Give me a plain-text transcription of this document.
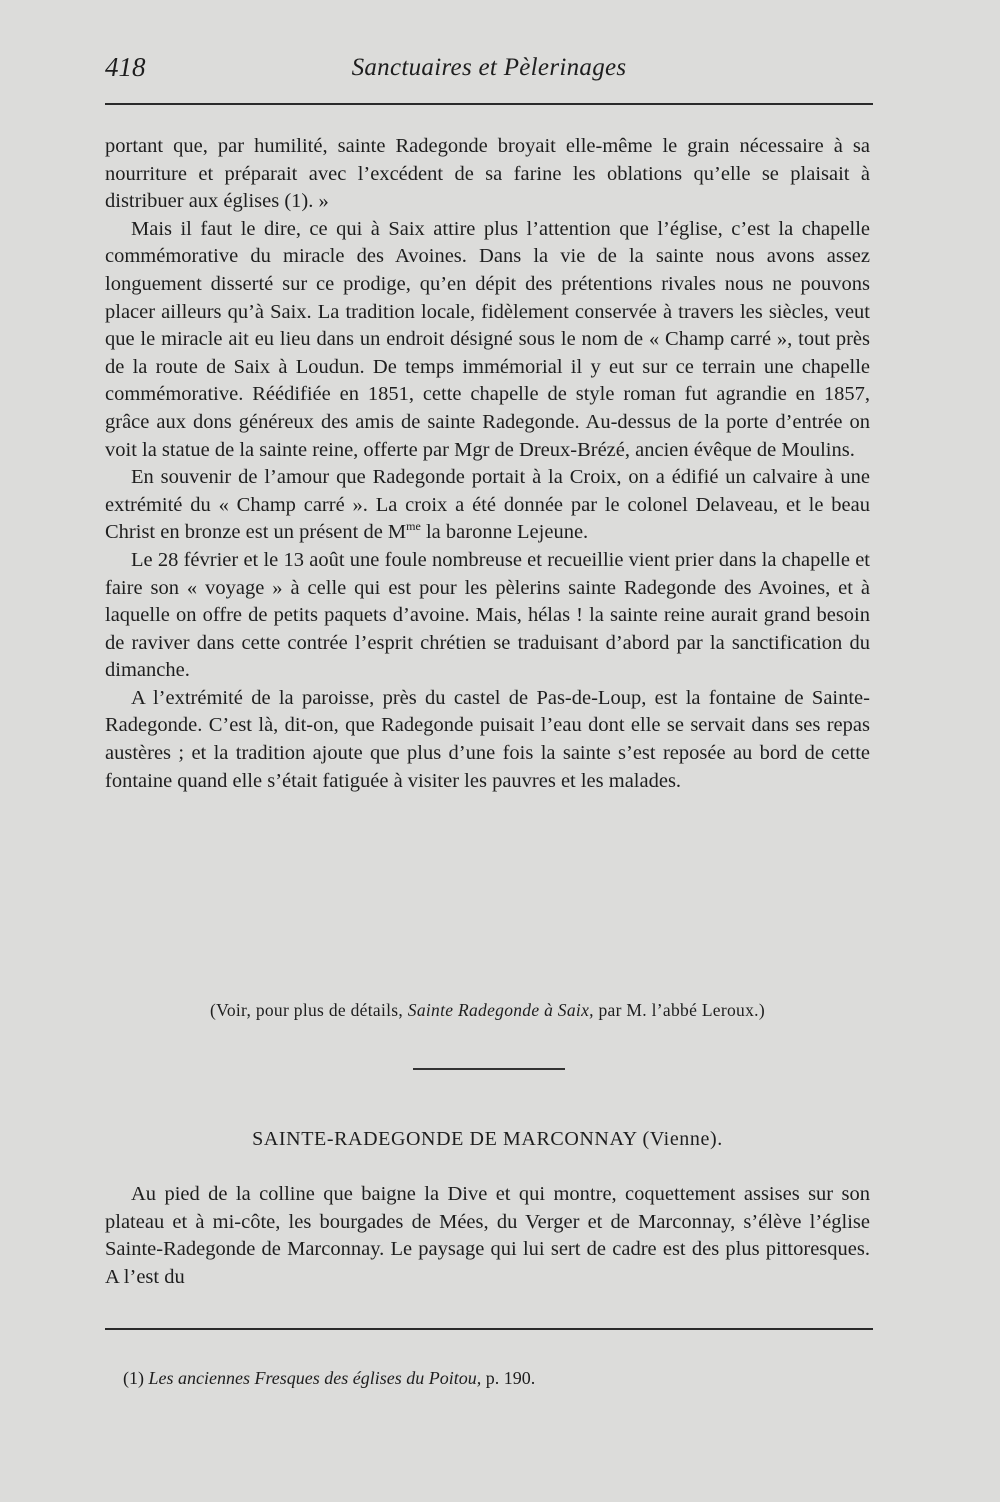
418	Sanctuaires et Pèlerinages

portant que, par humilité, sainte Radegonde broyait elle-même le grain nécessaire à sa nourriture et préparait avec l’excédent de sa farine les oblations qu’elle se plaisait à distribuer aux églises (1). »

Mais il faut le dire, ce qui à Saix attire plus l’attention que l’église, c’est la chapelle commémorative du miracle des Avoines. Dans la vie de la sainte nous avons assez longuement disserté sur ce prodige, qu’en dépit des prétentions rivales nous ne pouvons placer ailleurs qu’à Saix. La tradition locale, fidèlement conservée à travers les siècles, veut que le miracle ait eu lieu dans un endroit désigné sous le nom de « Champ carré », tout près de la route de Saix à Loudun. De temps immémorial il y eut sur ce terrain une chapelle commémorative. Réédifiée en 1851, cette chapelle de style roman fut agrandie en 1857, grâce aux dons généreux des amis de sainte Radegonde. Au-dessus de la porte d’entrée on voit la statue de la sainte reine, offerte par Mgr de Dreux-Brézé, ancien évêque de Moulins.

En souvenir de l’amour que Radegonde portait à la Croix, on a édifié un calvaire à une extrémité du « Champ carré ». La croix a été donnée par le colonel Delaveau, et le beau Christ en bronze est un présent de $M^{me}$ la baronne Lejeune.

Le 28 février et le 13 août une foule nombreuse et recueillie vient prier dans la chapelle et faire son « voyage » à celle qui est pour les pèlerins sainte Radegonde des Avoines, et à laquelle on offre de petits paquets d’avoine. Mais, hélas ! la sainte reine aurait grand besoin de raviver dans cette contrée l’esprit chrétien se traduisant d’abord par la sanctification du dimanche.

A l’extrémité de la paroisse, près du castel de Pas-de-Loup, est la fontaine de Sainte-Radegonde. C’est là, dit-on, que Radegonde puisait l’eau dont elle se servait dans ses repas austères ; et la tradition ajoute que plus d’une fois la sainte s’est reposée au bord de cette fontaine quand elle s’était fatiguée à visiter les pauvres et les malades.

(Voir, pour plus de détails, Sainte Radegonde à Saix, par M. l’abbé Leroux.)
SAINTE-RADEGONDE DE MARCONNAY (Vienne).

Au pied de la colline que baigne la Dive et qui montre, coquettement assises sur son plateau et à mi-côte, les bourgades de Mées, du Verger et de Marconnay, s’élève l’église Sainte-Radegonde de Marconnay. Le paysage qui lui sert de cadre est des plus pittoresques. A l’est du

(1) Les anciennes Fresques des églises du Poitou, p. 190.
